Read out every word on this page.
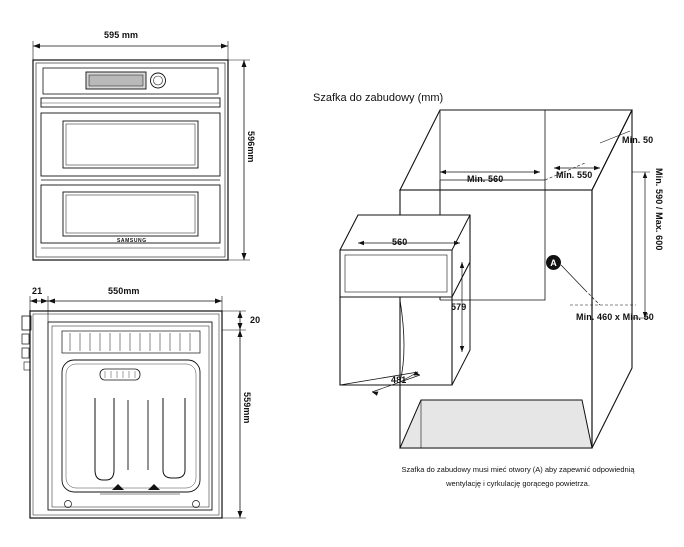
595 mm
596mm
SAMSUNG
21	550mm
20
559mm
Szafka do zabudowy (mm)
Min. 50
Min. 560	Min. 550	Min. 590 / Max. 600
Min. 460 x Min. 50
560
579
481
A
Szafka do zabudowy musi mieć otwory (A) aby zapewnić odpowiednią
wentylację i cyrkulację gorącego powietrza.
